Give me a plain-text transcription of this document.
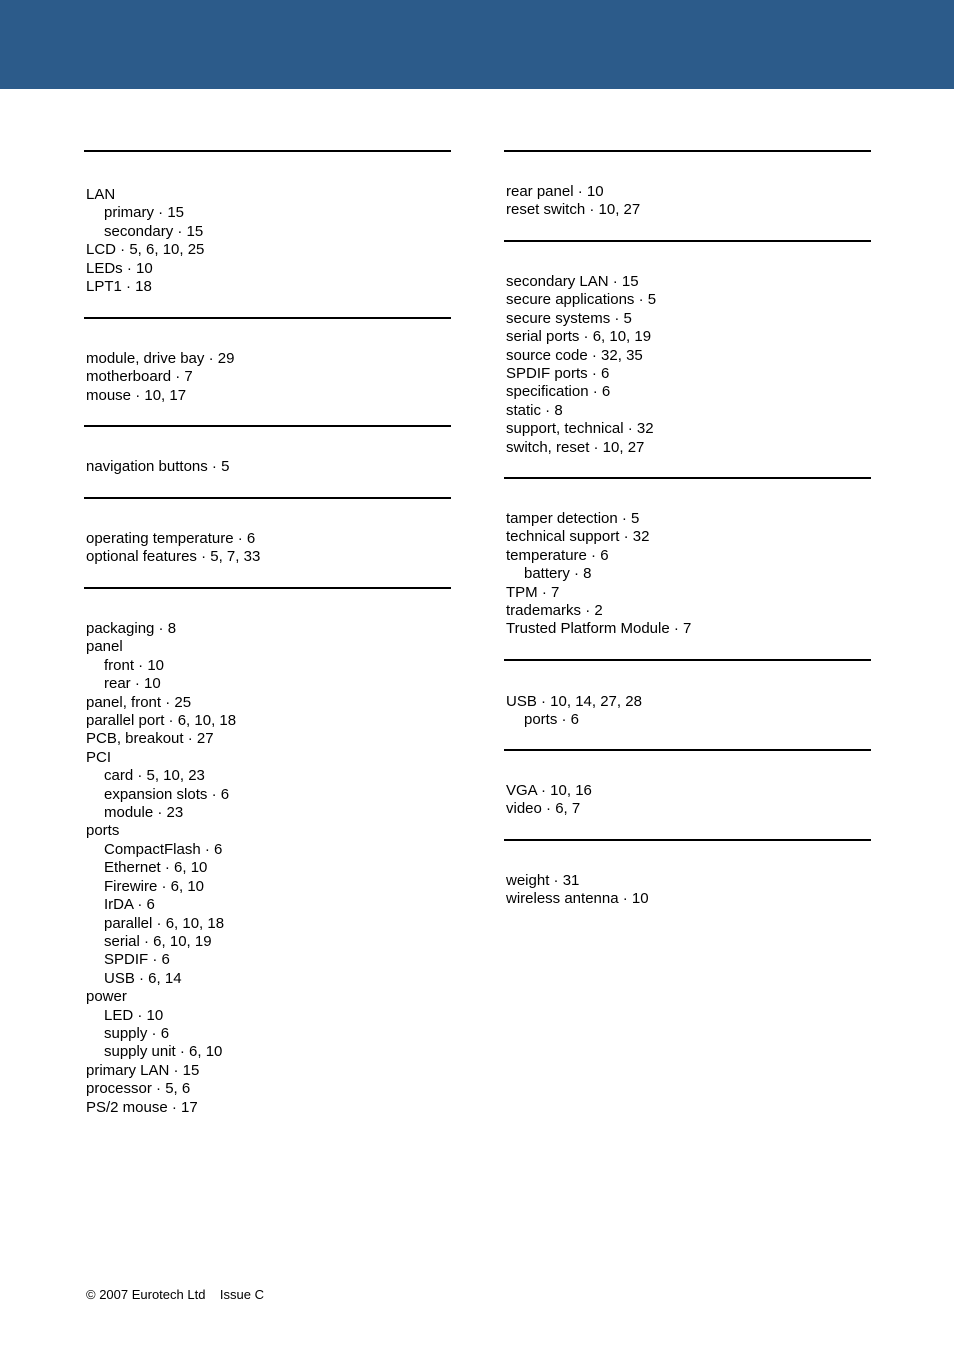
LAN
primary · 15
secondary · 15
LCD · 5, 6, 10, 25
LEDs · 10
LPT1 · 18
module, drive bay · 29
motherboard · 7
mouse · 10, 17
navigation buttons · 5
operating temperature · 6
optional features · 5, 7, 33
packaging · 8
panel
front · 10
rear · 10
panel, front · 25
parallel port · 6, 10, 18
PCB, breakout · 27
PCI
card · 5, 10, 23
expansion slots · 6
module · 23
ports
CompactFlash · 6
Ethernet · 6, 10
Firewire · 6, 10
IrDA · 6
parallel · 6, 10, 18
serial · 6, 10, 19
SPDIF · 6
USB · 6, 14
power
LED · 10
supply · 6
supply unit · 6, 10
primary LAN · 15
processor · 5, 6
PS/2 mouse · 17
rear panel · 10
reset switch · 10, 27
secondary LAN · 15
secure applications · 5
secure systems · 5
serial ports · 6, 10, 19
source code · 32, 35
SPDIF ports · 6
specification · 6
static · 8
support, technical · 32
switch, reset · 10, 27
tamper detection · 5
technical support · 32
temperature · 6
battery · 8
TPM · 7
trademarks · 2
Trusted Platform Module · 7
USB · 10, 14, 27, 28
ports · 6
VGA · 10, 16
video · 6, 7
weight · 31
wireless antenna · 10
© 2007 Eurotech Ltd Issue C
